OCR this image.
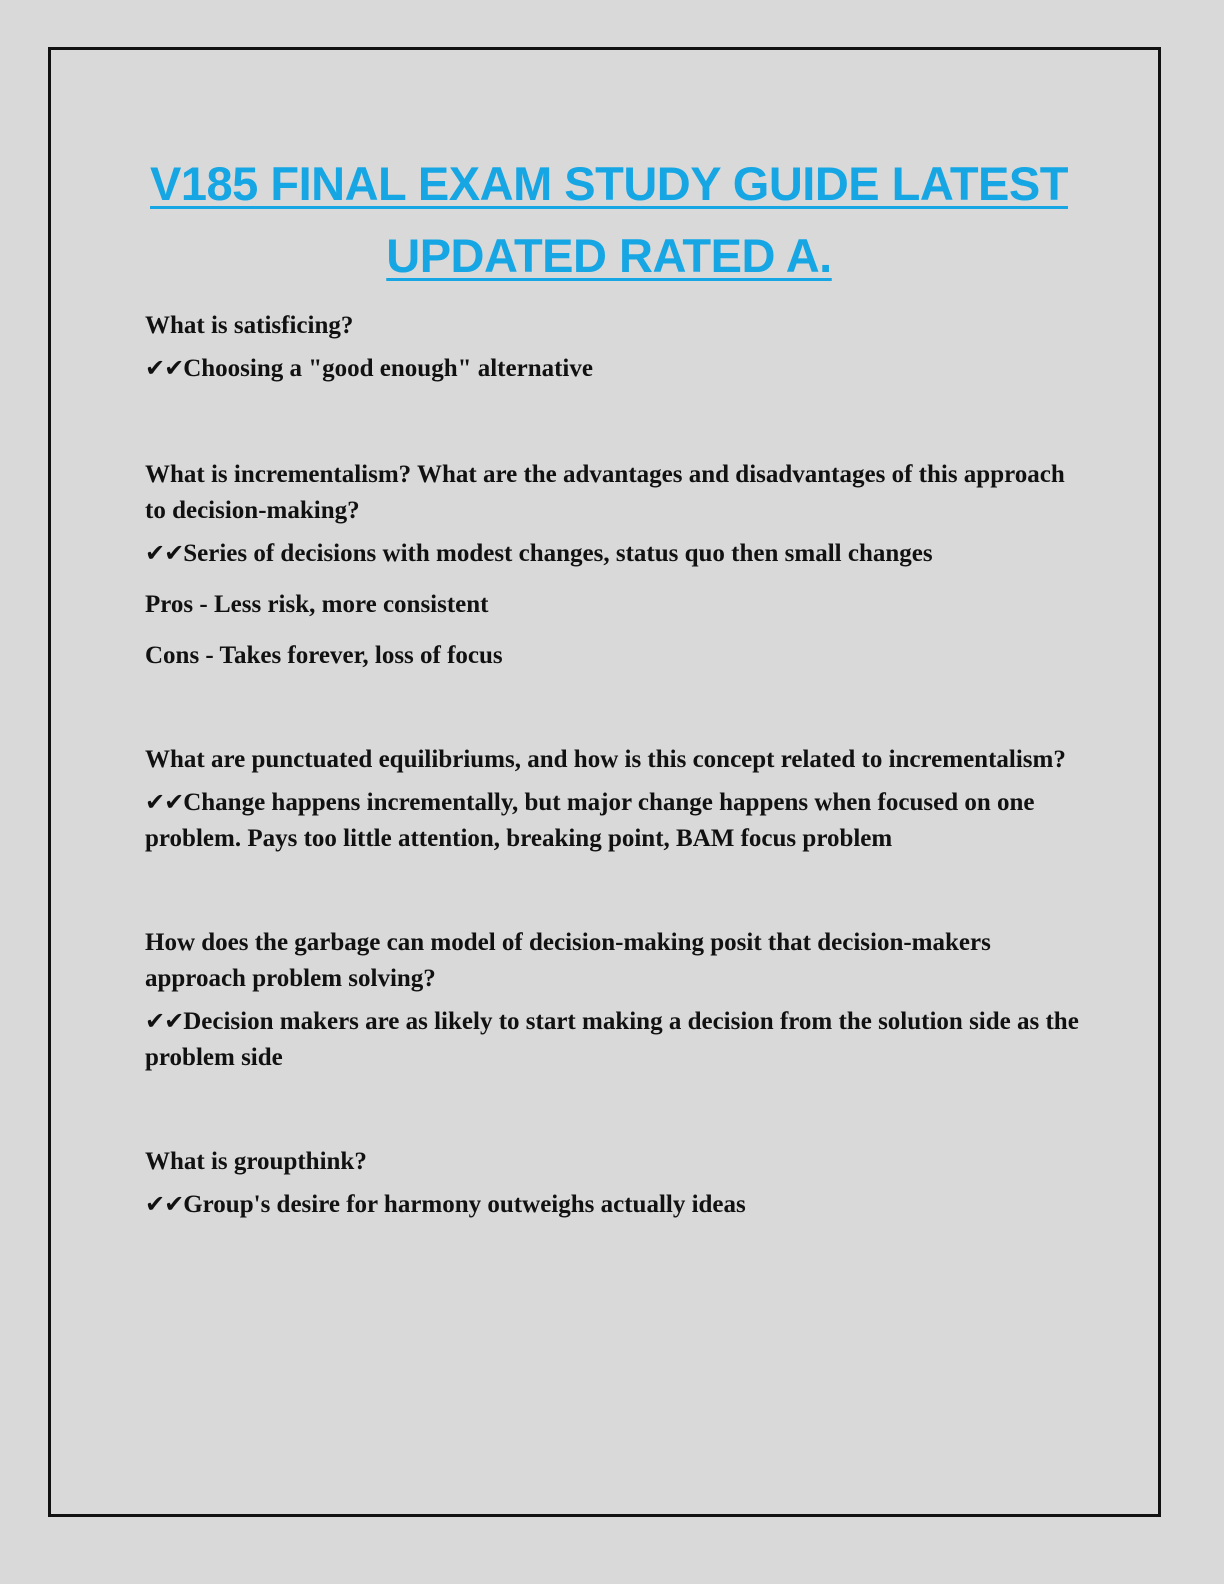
V185 FINAL EXAM STUDY GUIDE LATEST
UPDATED RATED A.

What is satisficing?

✔✔Choosing a "good enough" alternative

What is incrementalism? What are the advantages and disadvantages of this approach to decision-making?

✔✔Series of decisions with modest changes, status quo then small changes

Pros - Less risk, more consistent

Cons - Takes forever, loss of focus

What are punctuated equilibriums, and how is this concept related to incrementalism?

✔✔Change happens incrementally, but major change happens when focused on one problem. Pays too little attention, breaking point, BAM focus problem

How does the garbage can model of decision-making posit that decision-makers approach problem solving?

✔✔Decision makers are as likely to start making a decision from the solution side as the problem side

What is groupthink?

✔✔Group's desire for harmony outweighs actually ideas
